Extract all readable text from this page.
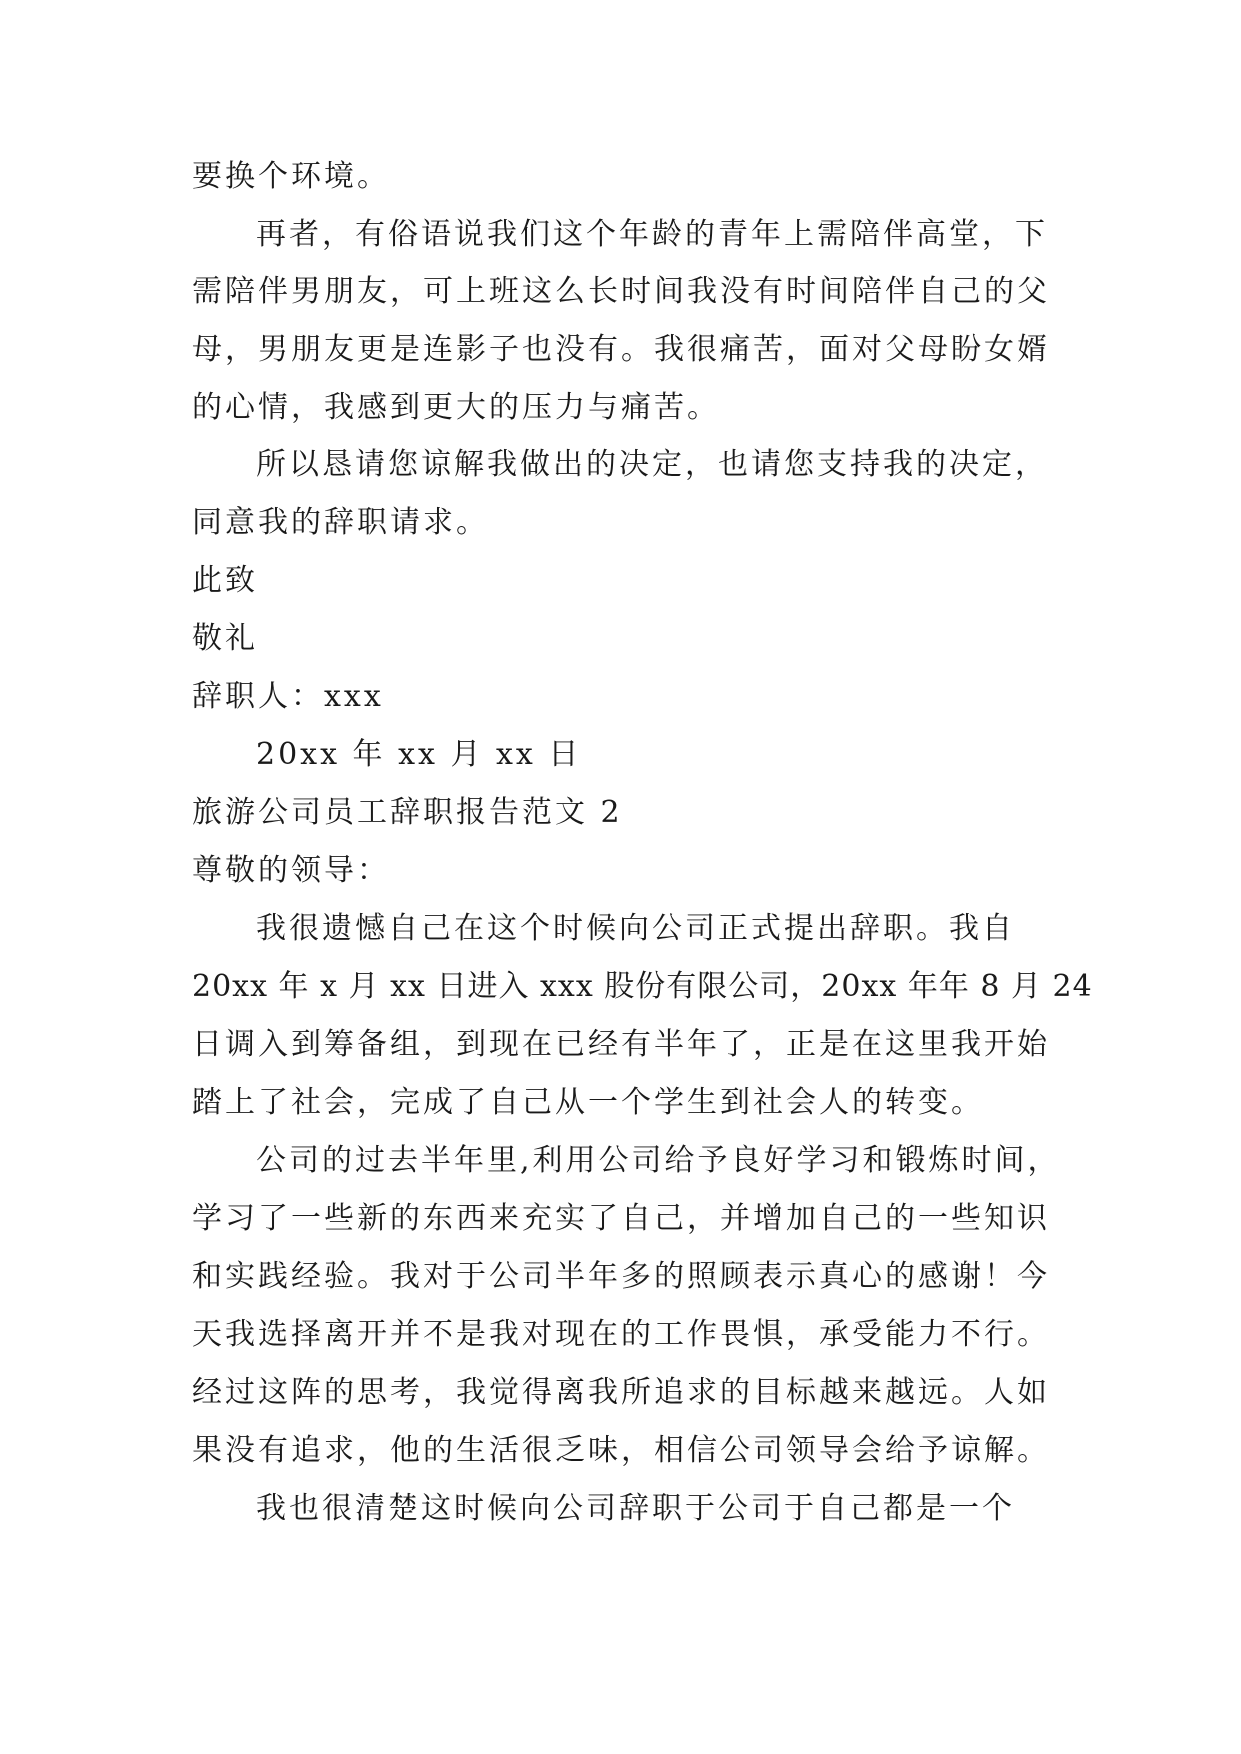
要换个环境。
再者，有俗语说我们这个年龄的青年上需陪伴高堂，下
需陪伴男朋友，可上班这么长时间我没有时间陪伴自己的父
母，男朋友更是连影子也没有。我很痛苦，面对父母盼女婿
的心情，我感到更大的压力与痛苦。
所以恳请您谅解我做出的决定，也请您支持我的决定，
同意我的辞职请求。
此致
敬礼
辞职人：xxx
20xx 年 xx 月 xx 日
旅游公司员工辞职报告范文 2
尊敬的领导：
我很遗憾自己在这个时候向公司正式提出辞职。我自
20xx 年 x 月 xx 日进入 xxx 股份有限公司，20xx 年年 8 月 24
日调入到筹备组，到现在已经有半年了，正是在这里我开始
踏上了社会，完成了自己从一个学生到社会人的转变。
公司的过去半年里,利用公司给予良好学习和锻炼时间，
学习了一些新的东西来充实了自己，并增加自己的一些知识
和实践经验。我对于公司半年多的照顾表示真心的感谢！今
天我选择离开并不是我对现在的工作畏惧，承受能力不行。
经过这阵的思考，我觉得离我所追求的目标越来越远。人如
果没有追求，他的生活很乏味，相信公司领导会给予谅解。
我也很清楚这时候向公司辞职于公司于自己都是一个
